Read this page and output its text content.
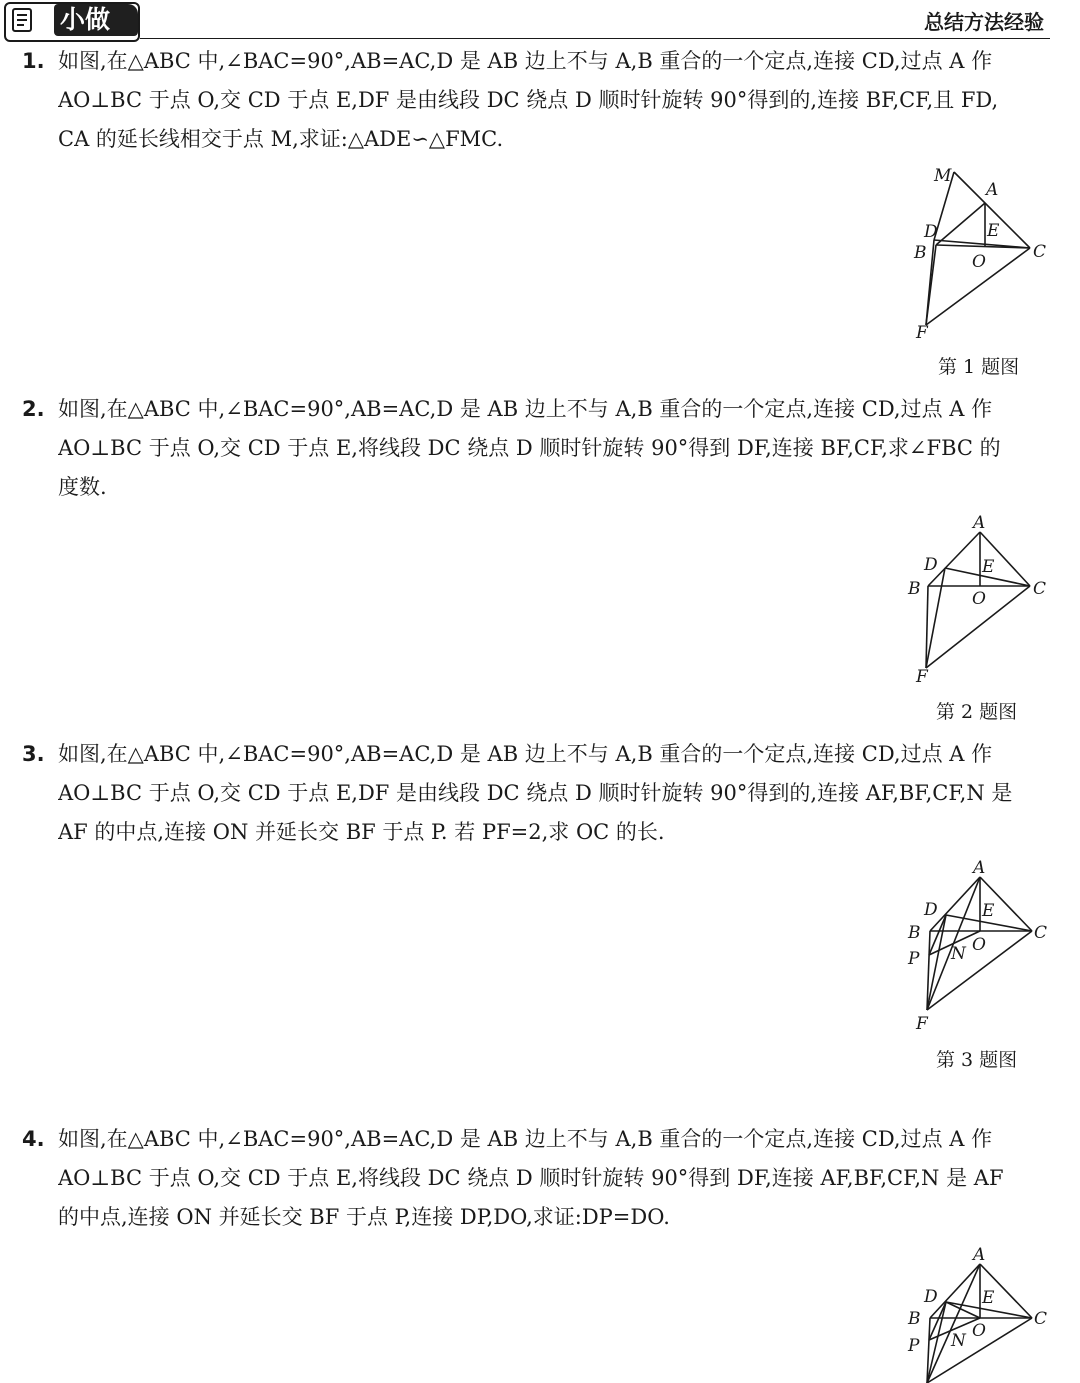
小做	总结方法经验
1. 如图,在△ABC 中,∠BAC=90°,AB=AC,D 是 AB 边上不与 A,B 重合的一个定点,连接 CD,过点 A 作
AO⊥BC 于点 O,交 CD 于点 E,DF 是由线段 DC 绕点 D 顺时针旋转 90°得到的,连接 BF,CF,且 FD,
CA 的延长线相交于点 M,求证:△ADE∽△FMC.
M
A
D	E
B	O	C
F
第 1 题图
2. 如图,在△ABC 中,∠BAC=90°,AB=AC,D 是 AB 边上不与 A,B 重合的一个定点,连接 CD,过点 A 作
AO⊥BC 于点 O,交 CD 于点 E,将线段 DC 绕点 D 顺时针旋转 90°得到 DF,连接 BF,CF,求∠FBC 的
度数.
A
D	E
B	O	C
F
第 2 题图
3. 如图,在△ABC 中,∠BAC=90°,AB=AC,D 是 AB 边上不与 A,B 重合的一个定点,连接 CD,过点 A 作
AO⊥BC 于点 O,交 CD 于点 E,DF 是由线段 DC 绕点 D 顺时针旋转 90°得到的,连接 AF,BF,CF,N 是
AF 的中点,连接 ON 并延长交 BF 于点 P. 若 PF=2,求 OC 的长.
A
D	E
B
N O
C
P
F
第 3 题图
4. 如图,在△ABC 中,∠BAC=90°,AB=AC,D 是 AB 边上不与 A,B 重合的一个定点,连接 CD,过点 A 作
AO⊥BC 于点 O,交 CD 于点 E,将线段 DC 绕点 D 顺时针旋转 90°得到 DF,连接 AF,BF,CF,N 是 AF
的中点,连接 ON 并延长交 BF 于点 P,连接 DP,DO,求证:DP=DO.
A
D	E
B
N O
C
P
